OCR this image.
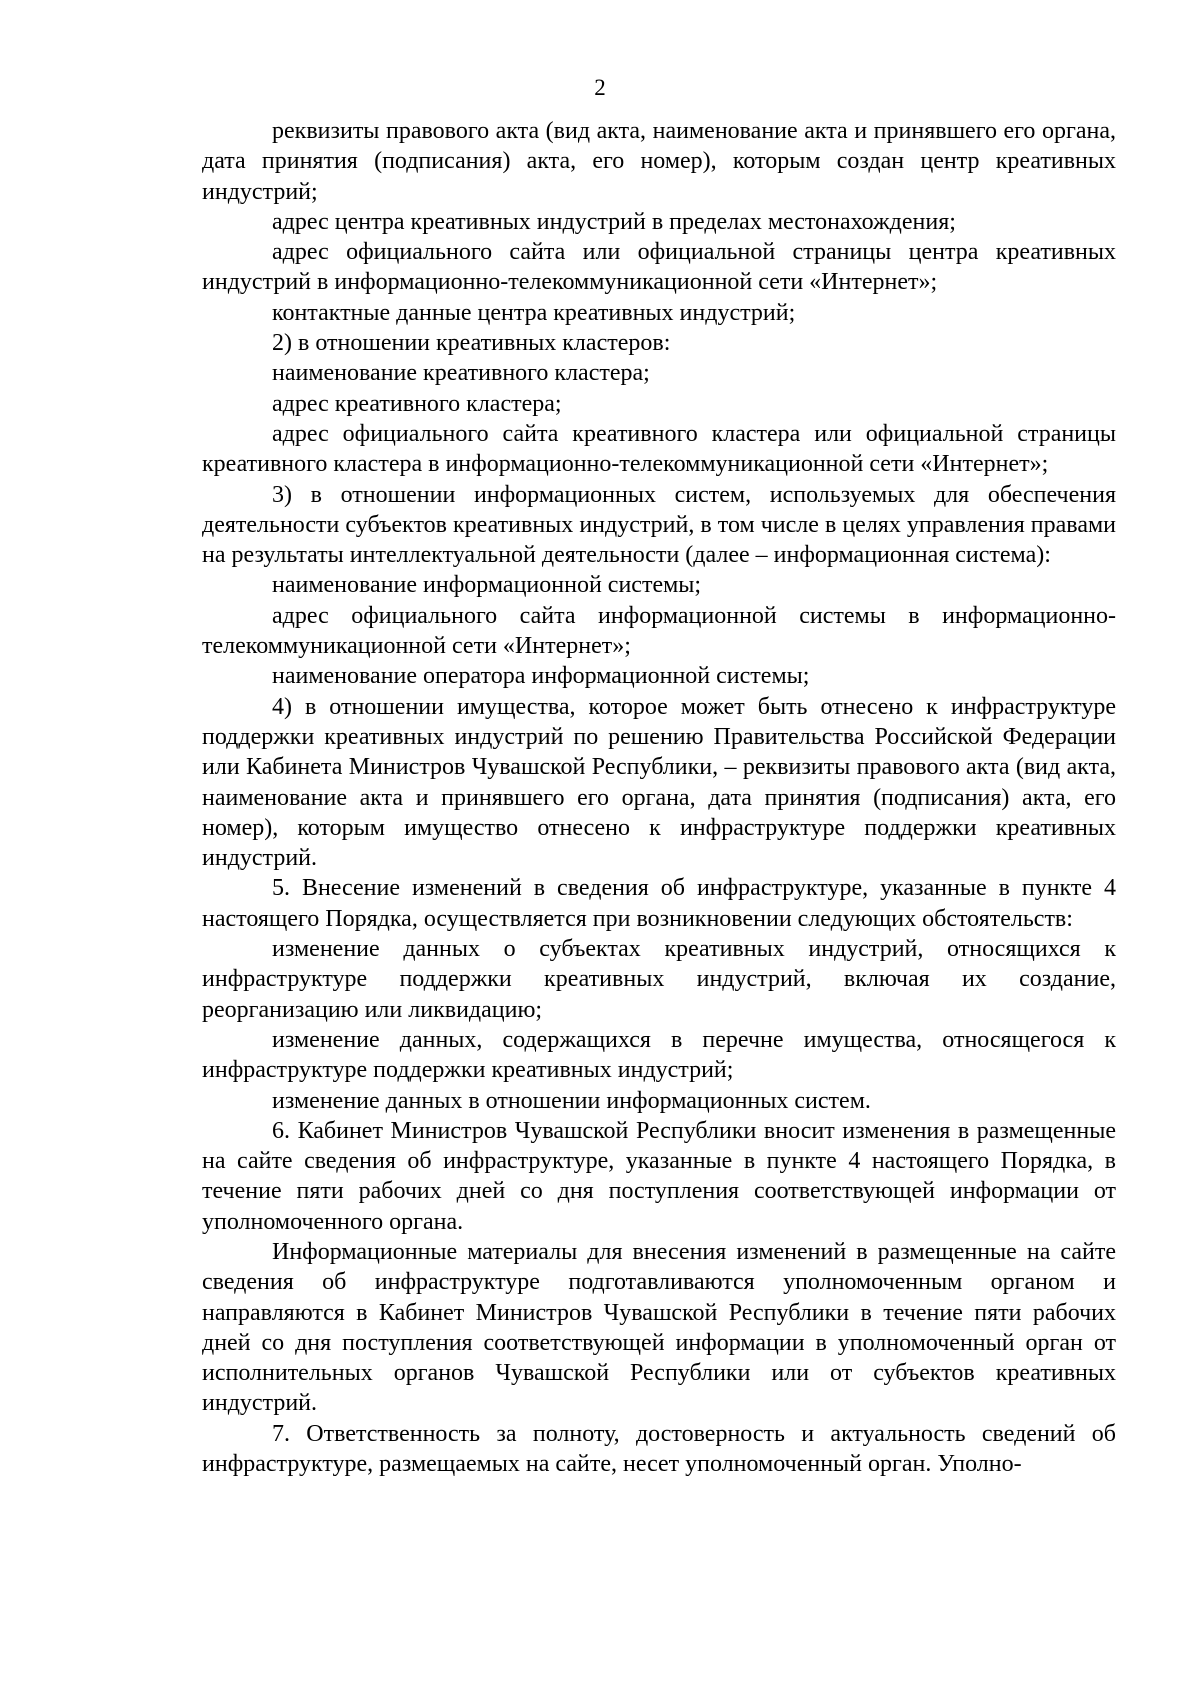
2

реквизиты правового акта (вид акта, наименование акта и принявшего его органа, дата принятия (подписания) акта, его номер), которым создан центр креативных индустрий;

адрес центра креативных индустрий в пределах местонахождения;

адрес официального сайта или официальной страницы центра креативных индустрий в информационно-телекоммуникационной сети «Интернет»;

контактные данные центра креативных индустрий;

2) в отношении креативных кластеров:

наименование креативного кластера;

адрес креативного кластера;

адрес официального сайта креативного кластера или официальной страницы креативного кластера в информационно-телекоммуникационной сети «Интернет»;

3) в отношении информационных систем, используемых для обеспечения деятельности субъектов креативных индустрий, в том числе в целях управления правами на результаты интеллектуальной деятельности (далее – информационная система):

наименование информационной системы;

адрес официального сайта информационной системы в информационно-телекоммуникационной сети «Интернет»;

наименование оператора информационной системы;

4) в отношении имущества, которое может быть отнесено к инфраструктуре поддержки креативных индустрий по решению Правительства Российской Федерации или Кабинета Министров Чувашской Республики, – реквизиты правового акта (вид акта, наименование акта и принявшего его органа, дата принятия (подписания) акта, его номер), которым имущество отнесено к инфраструктуре поддержки креативных индустрий.

5. Внесение изменений в сведения об инфраструктуре, указанные в пункте 4 настоящего Порядка, осуществляется при возникновении следующих обстоятельств:

изменение данных о субъектах креативных индустрий, относящихся к инфраструктуре поддержки креативных индустрий, включая их создание, реорганизацию или ликвидацию;

изменение данных, содержащихся в перечне имущества, относящегося к инфраструктуре поддержки креативных индустрий;

изменение данных в отношении информационных систем.

6. Кабинет Министров Чувашской Республики вносит изменения в размещенные на сайте сведения об инфраструктуре, указанные в пункте 4 настоящего Порядка, в течение пяти рабочих дней со дня поступления соответствующей информации от уполномоченного органа.

Информационные материалы для внесения изменений в размещенные на сайте сведения об инфраструктуре подготавливаются уполномоченным органом и направляются в Кабинет Министров Чувашской Республики в течение пяти рабочих дней со дня поступления соответствующей информации в уполномоченный орган от исполнительных органов Чувашской Республики или от субъектов креативных индустрий.

7. Ответственность за полноту, достоверность и актуальность сведений об инфраструктуре, размещаемых на сайте, несет уполномоченный орган. Уполно-
